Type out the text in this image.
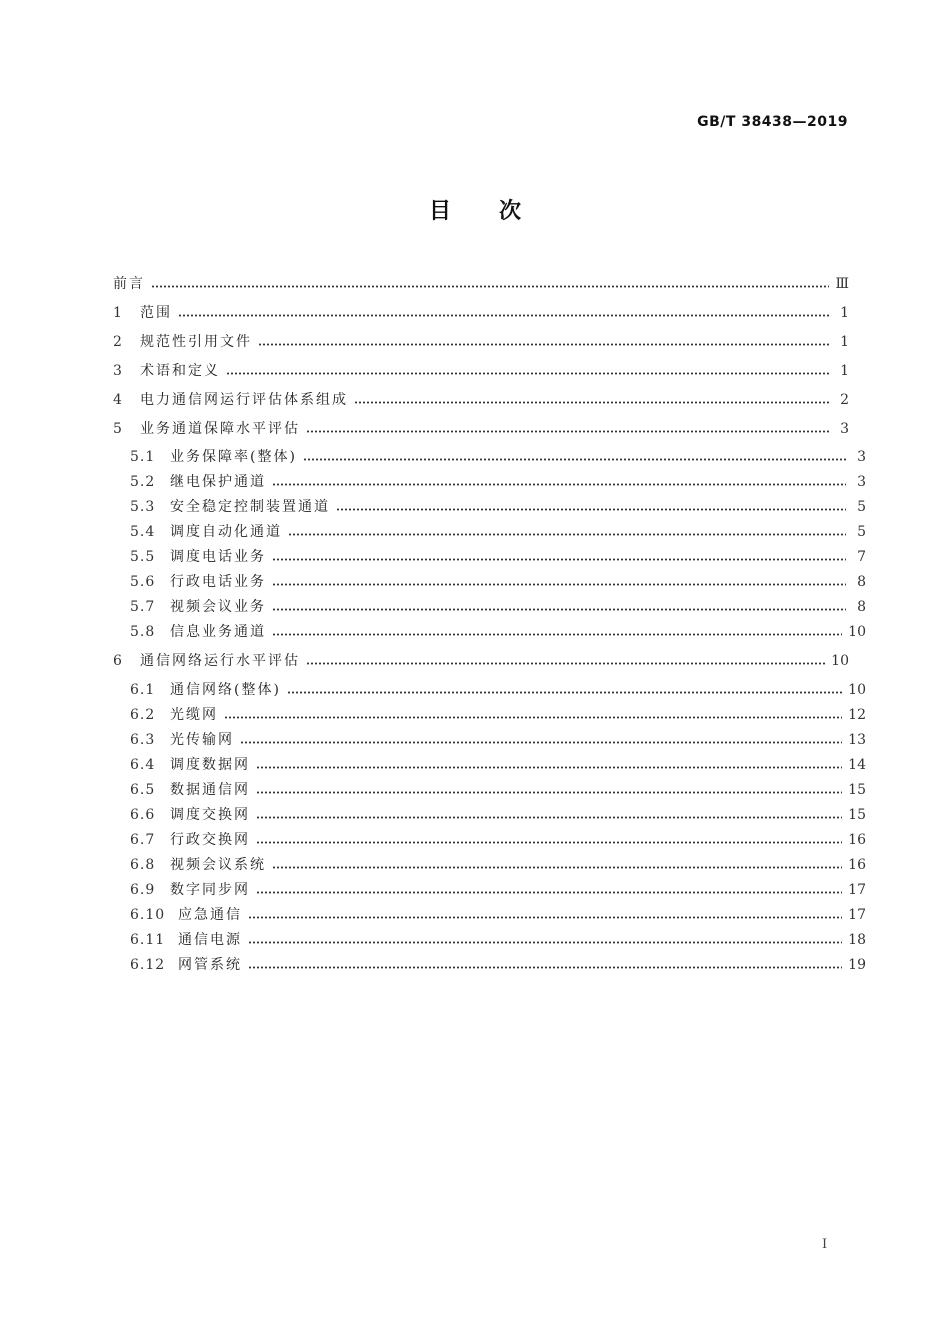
GB/T 38438—2019
目次
前言	Ⅲ
1	范围	1
2	规范性引用文件	1
3	术语和定义	1
4	电力通信网运行评估体系组成	2
5	业务通道保障水平评估	3
5.1	业务保障率(整体)	3
5.2	继电保护通道	3
5.3	安全稳定控制装置通道	5
5.4	调度自动化通道	5
5.5	调度电话业务	7
5.6	行政电话业务	8
5.7	视频会议业务	8
5.8	信息业务通道	10
6	通信网络运行水平评估	10
6.1	通信网络(整体)	10
6.2	光缆网	12
6.3	光传输网	13
6.4	调度数据网	14
6.5	数据通信网	15
6.6	调度交换网	15
6.7	行政交换网	16
6.8	视频会议系统	16
6.9	数字同步网	17
6.10 应急通信	17
6.11 通信电源	18
6.12 网管系统	19
I
